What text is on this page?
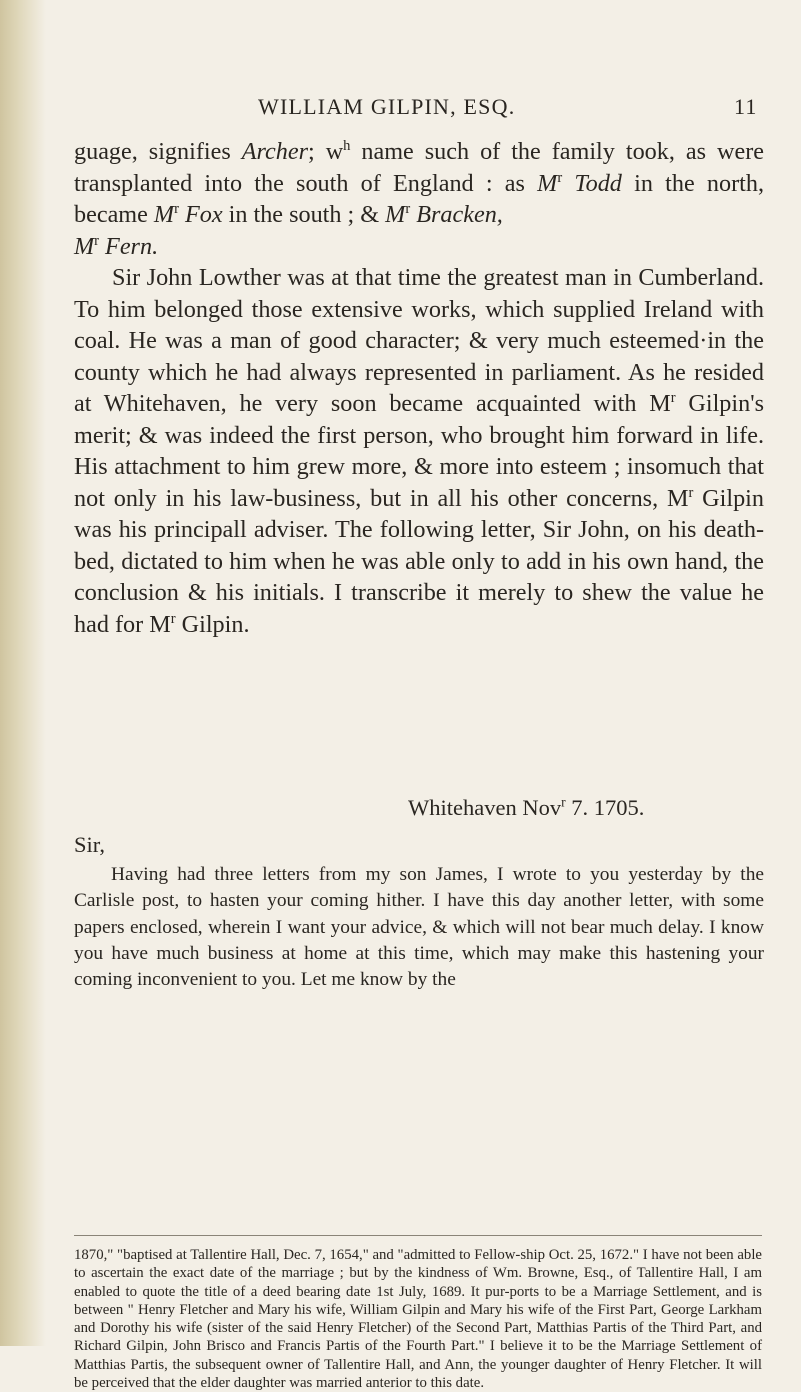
WILLIAM GILPIN, ESQ.	11

guage, signifies Archer; $w^h$ name such of the family took, as were transplanted into the south of England : as $M^r$ Todd in the north, became $M^r$ Fox in the south ; & $M^r$ Bracken,
$M^r$ Fern.

Sir John Lowther was at that time the greatest man in Cumberland. To him belonged those extensive works, which supplied Ireland with coal. He was a man of good character; & very much esteemed·in the county which he had always represented in parliament. As he resided at Whitehaven, he very soon became acquainted with $M^r$ Gilpin's merit; & was indeed the first person, who brought him forward in life. His attachment to him grew more, & more into esteem ; insomuch that not only in his law-business, but in all his other concerns, $M^r$ Gilpin was his principall adviser. The following letter, Sir John, on his death-bed, dictated to him when he was able only to add in his own hand, the conclusion & his initials. I transcribe it merely to shew the value he had for $M^r$ Gilpin.

Whitehaven Nov$^r$ 7. 1705.
Sir,

Having had three letters from my son James, I wrote to you yesterday by the Carlisle post, to hasten your coming hither. I have this day another letter, with some papers enclosed, wherein I want your advice, & which will not bear much delay. I know you have much business at home at this time, which may make this hastening your coming inconvenient to you. Let me know by the

1870," "baptised at Tallentire Hall, Dec. 7, 1654," and "admitted to Fellow-ship Oct. 25, 1672." I have not been able to ascertain the exact date of the marriage ; but by the kindness of Wm. Browne, Esq., of Tallentire Hall, I am enabled to quote the title of a deed bearing date 1st July, 1689. It pur-ports to be a Marriage Settlement, and is between " Henry Fletcher and Mary his wife, William Gilpin and Mary his wife of the First Part, George Larkham and Dorothy his wife (sister of the said Henry Fletcher) of the Second Part, Matthias Partis of the Third Part, and Richard Gilpin, John Brisco and Francis Partis of the Fourth Part." I believe it to be the Marriage Settlement of Matthias Partis, the subsequent owner of Tallentire Hall, and Ann, the younger daughter of Henry Fletcher. It will be perceived that the elder daughter was married anterior to this date.
